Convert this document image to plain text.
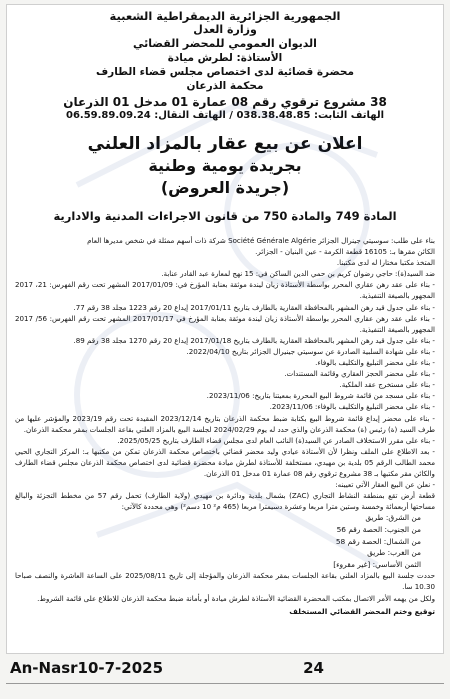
الجمهورية الجزائرية الديمقراطية الشعبية
وزارة العدل
الديوان العمومي للمحضر القضائي
الأستاذة: لطرش ميادة
محضرة قضائية لدى اختصاص مجلس قضاء الطارف
محكمة الذرعان
38 مشروع ترقوي رقم 08 عمارة 01 مدخل 01 الذرعان
الهاتف الثابت: 038.38.48.85 / الهاتف النقال: 06.59.89.09.24
اعلان عن بيع عقار بالمزاد العلني
بجريدة يومية وطنية
(جريدة العروض)
المادة 749 والمادة 750 من قانون الاجراءات المدنية والادارية

بناء على طلب: سوسيتي جينرال الجزائر Société Générale Algérie شركة ذات أسهم ممثلة في شخص مديرها العام

الكائن مقرها بـ: 16105 قطعة الكرمة - عين البنيان - الجزائر.

المتخذ مكتبا مختارا له لدى مكتبنا.

ضد السيد(ة): حاجي رضوان كريم بن حمي الدين الساكن في: 15 نهج لمعارة عبد القادر عنابة.

- بناء على عقد رهن عقاري المحرر بواسطة الأستاذة زيان ليندة موثقة بعنابة المؤرخ في: 2017/01/09 المشهر تحت رقم الفهرس: 21، 2017 المجهور بالصيغة التنفيذية.

- بناء على جدول قيد رهن المشهر بالمحافظة العقارية بالطارف بتاريخ 2017/01/11 إيداع 20 رقم 1223 مجلد 38 رقم 77.

- بناء على عقد رهن عقاري المحرر بواسطة الأستاذة زيان ليندة موثقة بعنابة المؤرخ في 2017/01/17 المشهر تحت رقم الفهرس: 56/ 2017 المجهور بالصيغة التنفيذية.

- بناء على جدول قيد رهن المشهر بالمحافظة العقارية بالطارف بتاريخ 2017/01/18 إيداع 20 رقم 1270 مجلد 38 رقم 89.

- بناء على شهادة السلبية الصادرة عن سوسيتي جينيرال الجزائر بتاريخ 2022/04/10.

- بناء على محضر التبليغ والتكليف بالوفاء.

- بناء على محضر الحجز العقاري وقائمة المستندات.

- بناء على مستخرج عقد الملكية.

- بناء على مسجد من قائمة شروط البيع المحررة بمعيتنا بتاريخ: 2023/11/06.

- بناء على محضر التبليغ والتكليف بالوفاء: 2023/11/06.

- بناء على محضر إيداع قائمة شروط البيع بكتابة ضبط محكمة الذرعان بتاريخ 2023/12/14 المقيدة تحت رقم 2023/19 والمؤشر عليها من طرف السيد (ة) رئيس (ة) محكمة الذرعان والذي حدد له يوم 2024/02/29 لجلسة البيع بالمزاد العلني بقاعة الجلسات بمقر محكمة الذرعان.

- بناء على مقرر الاستخلاف الصادر عن السيد(ة) النائب العام لدى مجلس قضاء الطارف بتاريخ 2025/05/25.

- بعد الاطلاع على الملف ونظرا لأن الأستاذة عيادي وليد محضر قضائي باختصاص محكمة الذرعان تمكن من مكتبها بـ: المركز التجاري الحيي محمد الطالب الرقم 05 بلدية بن مهيدي، مستخلفة للأستاذة لطرش ميادة محضرة قضائية لدى اختصاص محكمة الذرعان مجلس قضاء الطارف والكائن مقر مكتبها بـ 38 مشروع ترقوي رقم 08 عمارة 01 مدخل 01 الذرعان.

- نعلن عن البيع العقار الآتي تعيينه:

قطعة أرض تقع بمنطقة النشاط التجاري (ZAC) بشمال بلدية ودائرة بن مهيدي (ولاية الطارف) تحمل رقم 57 من مخطط التجزئة والبالغ مساحتها أربعمائة وخمسة وستين مترا مربعا وعشرة دسيمترا مربعا (465 م² 10 دسم²) وهي محددة كالآتي:

من الشرق: طريق
من الجنوب: الحصة رقم 56
من الشمال: الحصة رقم 58
من الغرب: طريق
الثمن الأساسي: [غير مقروء]

حددت جلسة البيع بالمزاد العلني بقاعة الجلسات بمقر محكمة الذرعان والمؤجلة إلى تاريخ 2025/08/11 على الساعة العاشرة والنصف صباحا 10.30 سا.

ولكل من يهمه الأمر الاتصال بمكتب المحضرة القضائية الأستاذة لطرش ميادة أو بأمانة ضبط محكمة الذرعان للاطلاع على قائمة الشروط.

توقيع وختم المحضر القضائي المستخلف
An-Nasr10-7-2025	24
